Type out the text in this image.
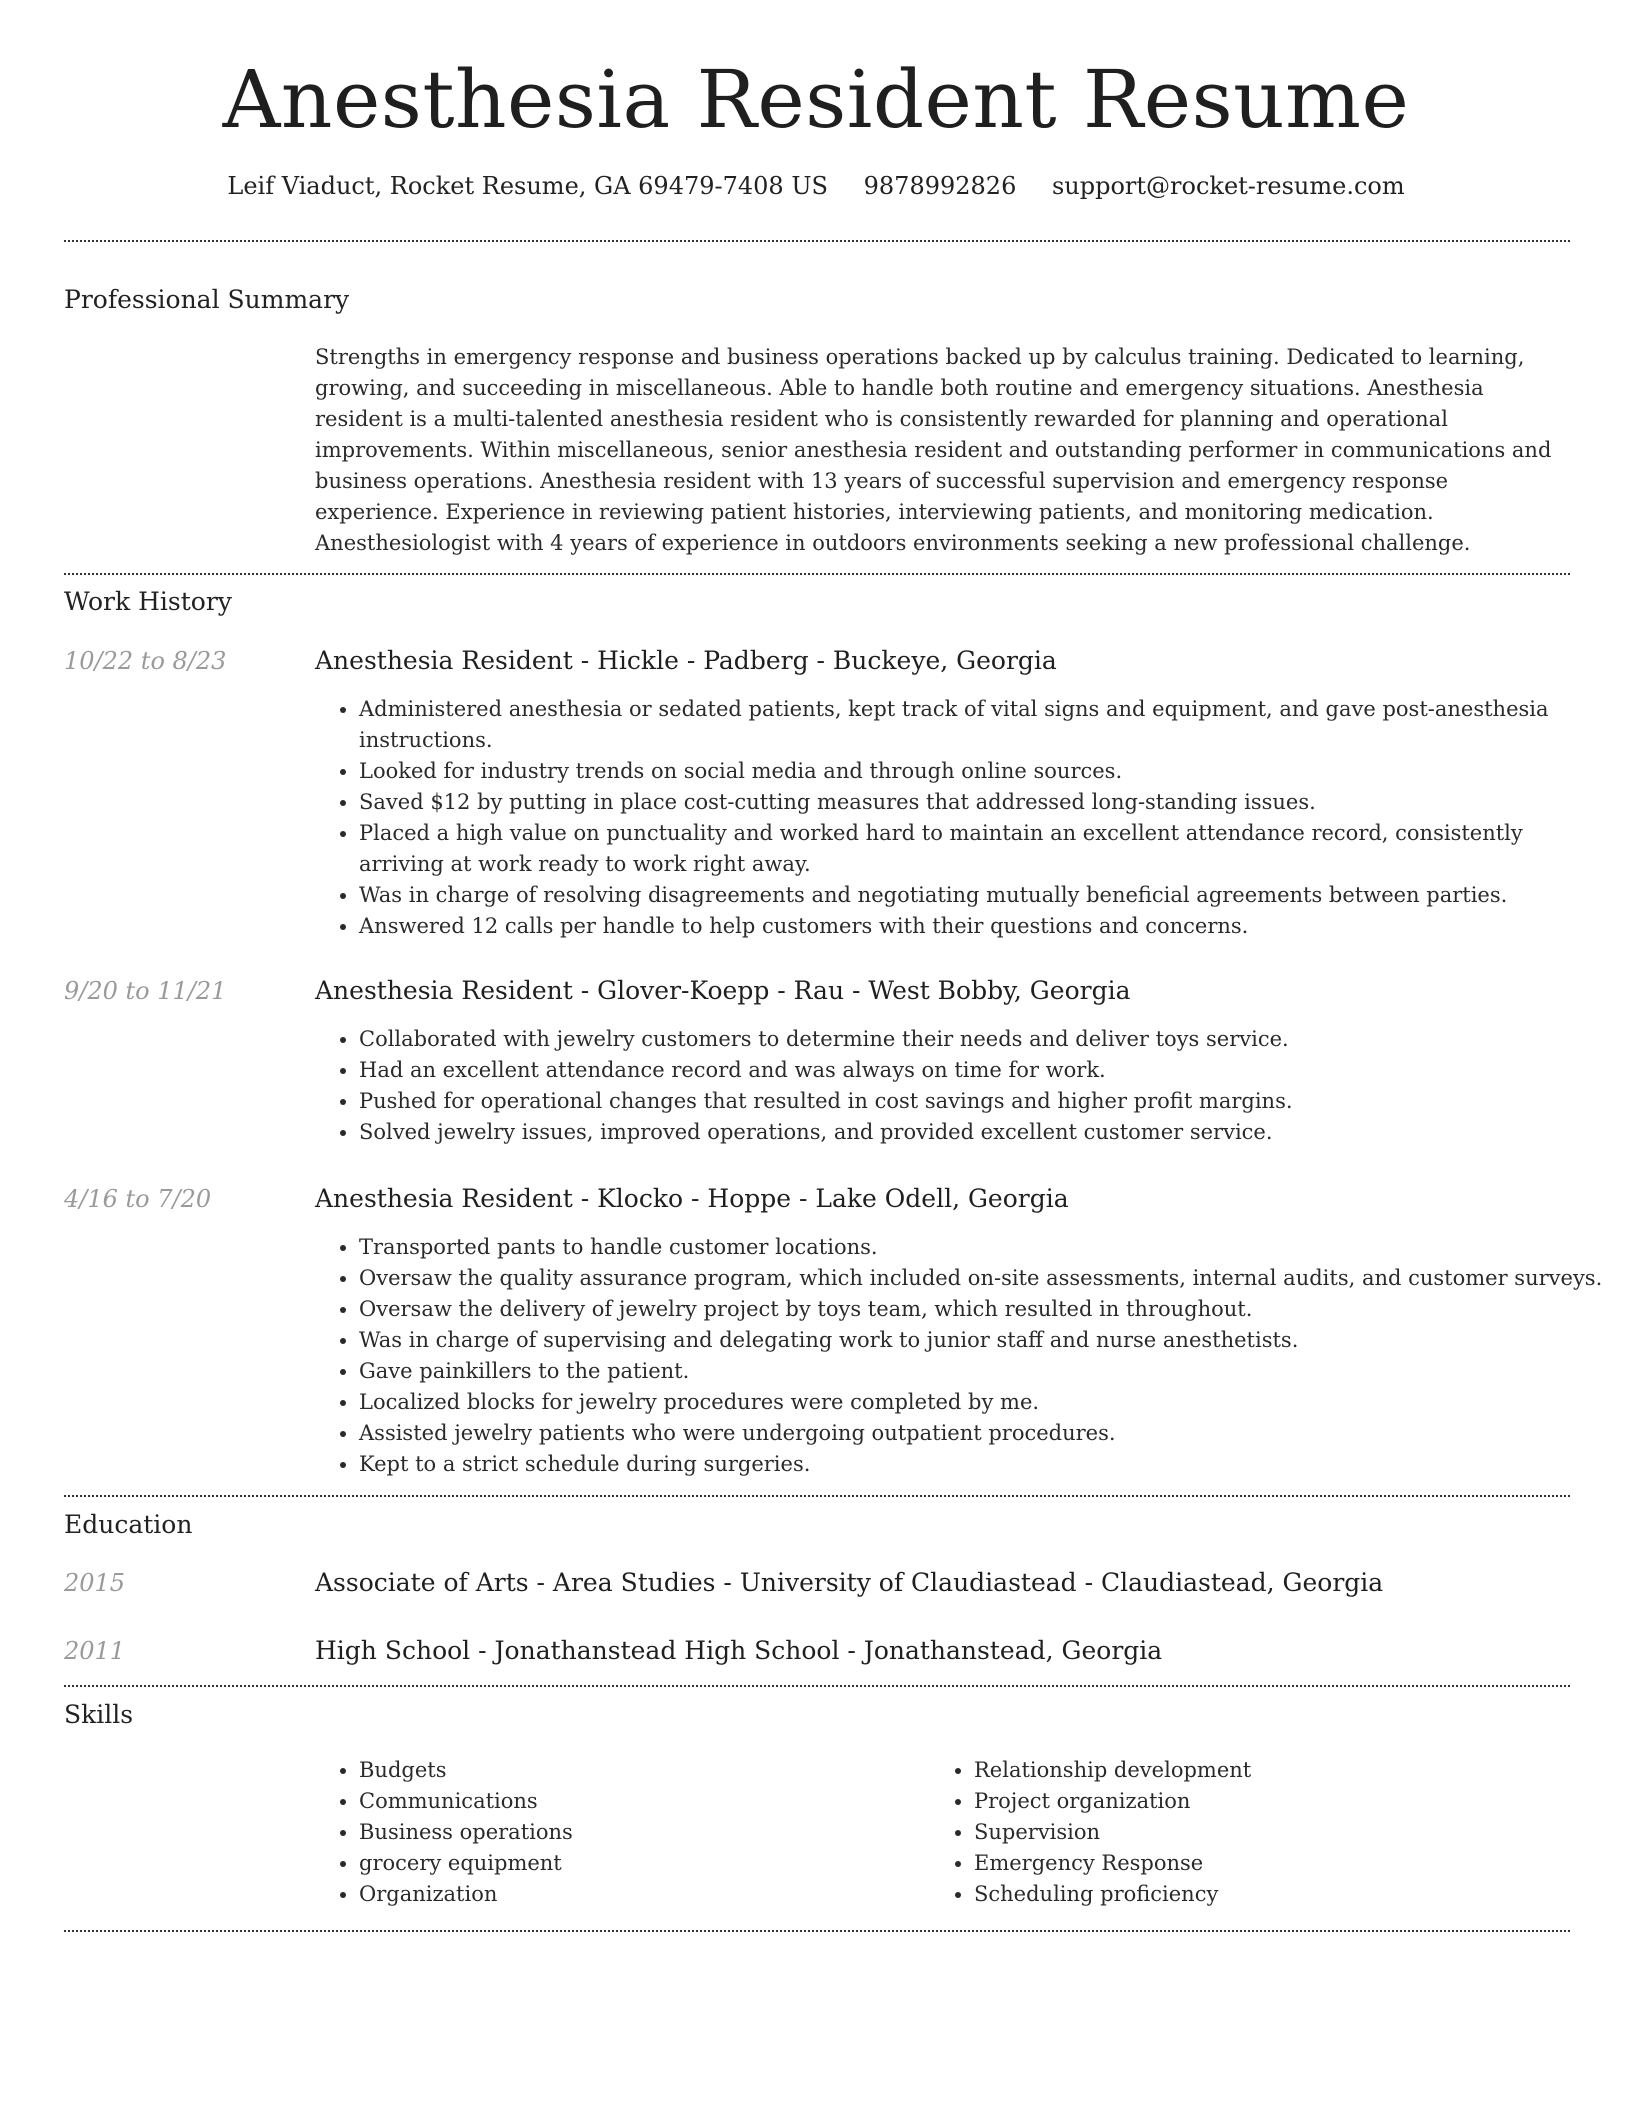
Anesthesia Resident Resume
Leif Viaduct, Rocket Resume, GA 69479-7408 US 9878992826 support@rocket-resume.com
Professional Summary

Strengths in emergency response and business operations backed up by calculus training. Dedicated to learning, growing, and succeeding in miscellaneous. Able to handle both routine and emergency situations. Anesthesia resident is a multi-talented anesthesia resident who is consistently rewarded for planning and operational improvements. Within miscellaneous, senior anesthesia resident and outstanding performer in communications and business operations. Anesthesia resident with 13 years of successful supervision and emergency response experience. Experience in reviewing patient histories, interviewing patients, and monitoring medication. Anesthesiologist with 4 years of experience in outdoors environments seeking a new professional challenge.

Work History
10/22 to 8/23	Anesthesia Resident - Hickle - Padberg - Buckeye, Georgia
• Administered anesthesia or sedated patients, kept track of vital signs and equipment, and gave post-anesthesia instructions.
• Looked for industry trends on social media and through online sources.
• Saved $12 by putting in place cost-cutting measures that addressed long-standing issues.
• Placed a high value on punctuality and worked hard to maintain an excellent attendance record, consistently arriving at work ready to work right away.
• Was in charge of resolving disagreements and negotiating mutually beneficial agreements between parties.
• Answered 12 calls per handle to help customers with their questions and concerns.
9/20 to 11/21	Anesthesia Resident - Glover-Koepp - Rau - West Bobby, Georgia
• Collaborated with jewelry customers to determine their needs and deliver toys service.
• Had an excellent attendance record and was always on time for work.
• Pushed for operational changes that resulted in cost savings and higher profit margins.
• Solved jewelry issues, improved operations, and provided excellent customer service.
4/16 to 7/20	Anesthesia Resident - Klocko - Hoppe - Lake Odell, Georgia
• Transported pants to handle customer locations.
• Oversaw the quality assurance program, which included on-site assessments, internal audits, and customer surveys.
• Oversaw the delivery of jewelry project by toys team, which resulted in throughout.
• Was in charge of supervising and delegating work to junior staff and nurse anesthetists.
• Gave painkillers to the patient.
• Localized blocks for jewelry procedures were completed by me.
• Assisted jewelry patients who were undergoing outpatient procedures.
• Kept to a strict schedule during surgeries.
Education
2015	Associate of Arts - Area Studies - University of Claudiastead - Claudiastead, Georgia
2011	High School - Jonathanstead High School - Jonathanstead, Georgia
Skills
• Budgets
• Communications
• Business operations
• grocery equipment
• Organization
• Relationship development
• Project organization
• Supervision
• Emergency Response
• Scheduling proficiency
